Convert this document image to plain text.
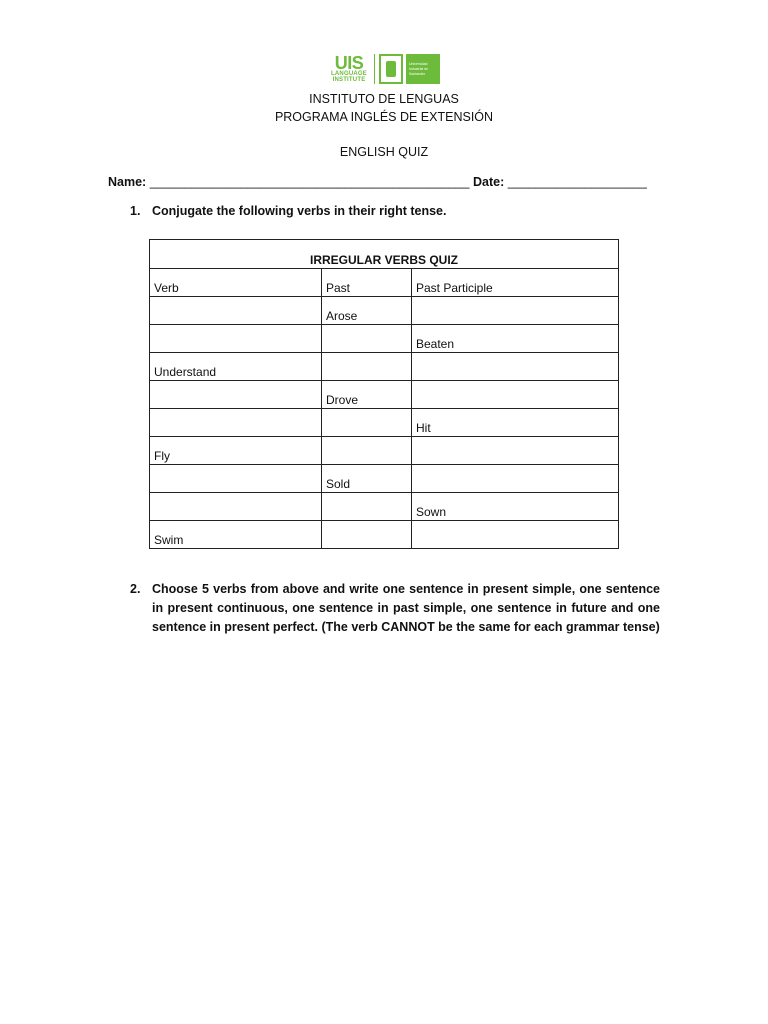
UIS
LANGUAGE
INSTITUTE
Universidad
Industrial de
Santander
INSTITUTO DE LENGUAS
PROGRAMA INGLÉS DE EXTENSIÓN
ENGLISH QUIZ
Name: ______________________________________________ Date: ____________________
1. Conjugate the following verbs in their right tense.
IRREGULAR VERBS QUIZ		
Verb	Past	Past Participle
	Arose	
		Beaten
Understand		
	Drove	
		Hit
Fly		
	Sold	
		Sown
Swim		
2. Choose 5 verbs from above and write one sentence in present simple, one sentence in present continuous, one sentence in past simple, one sentence in future and one sentence in present perfect. (The verb CANNOT be the same for each grammar tense)
